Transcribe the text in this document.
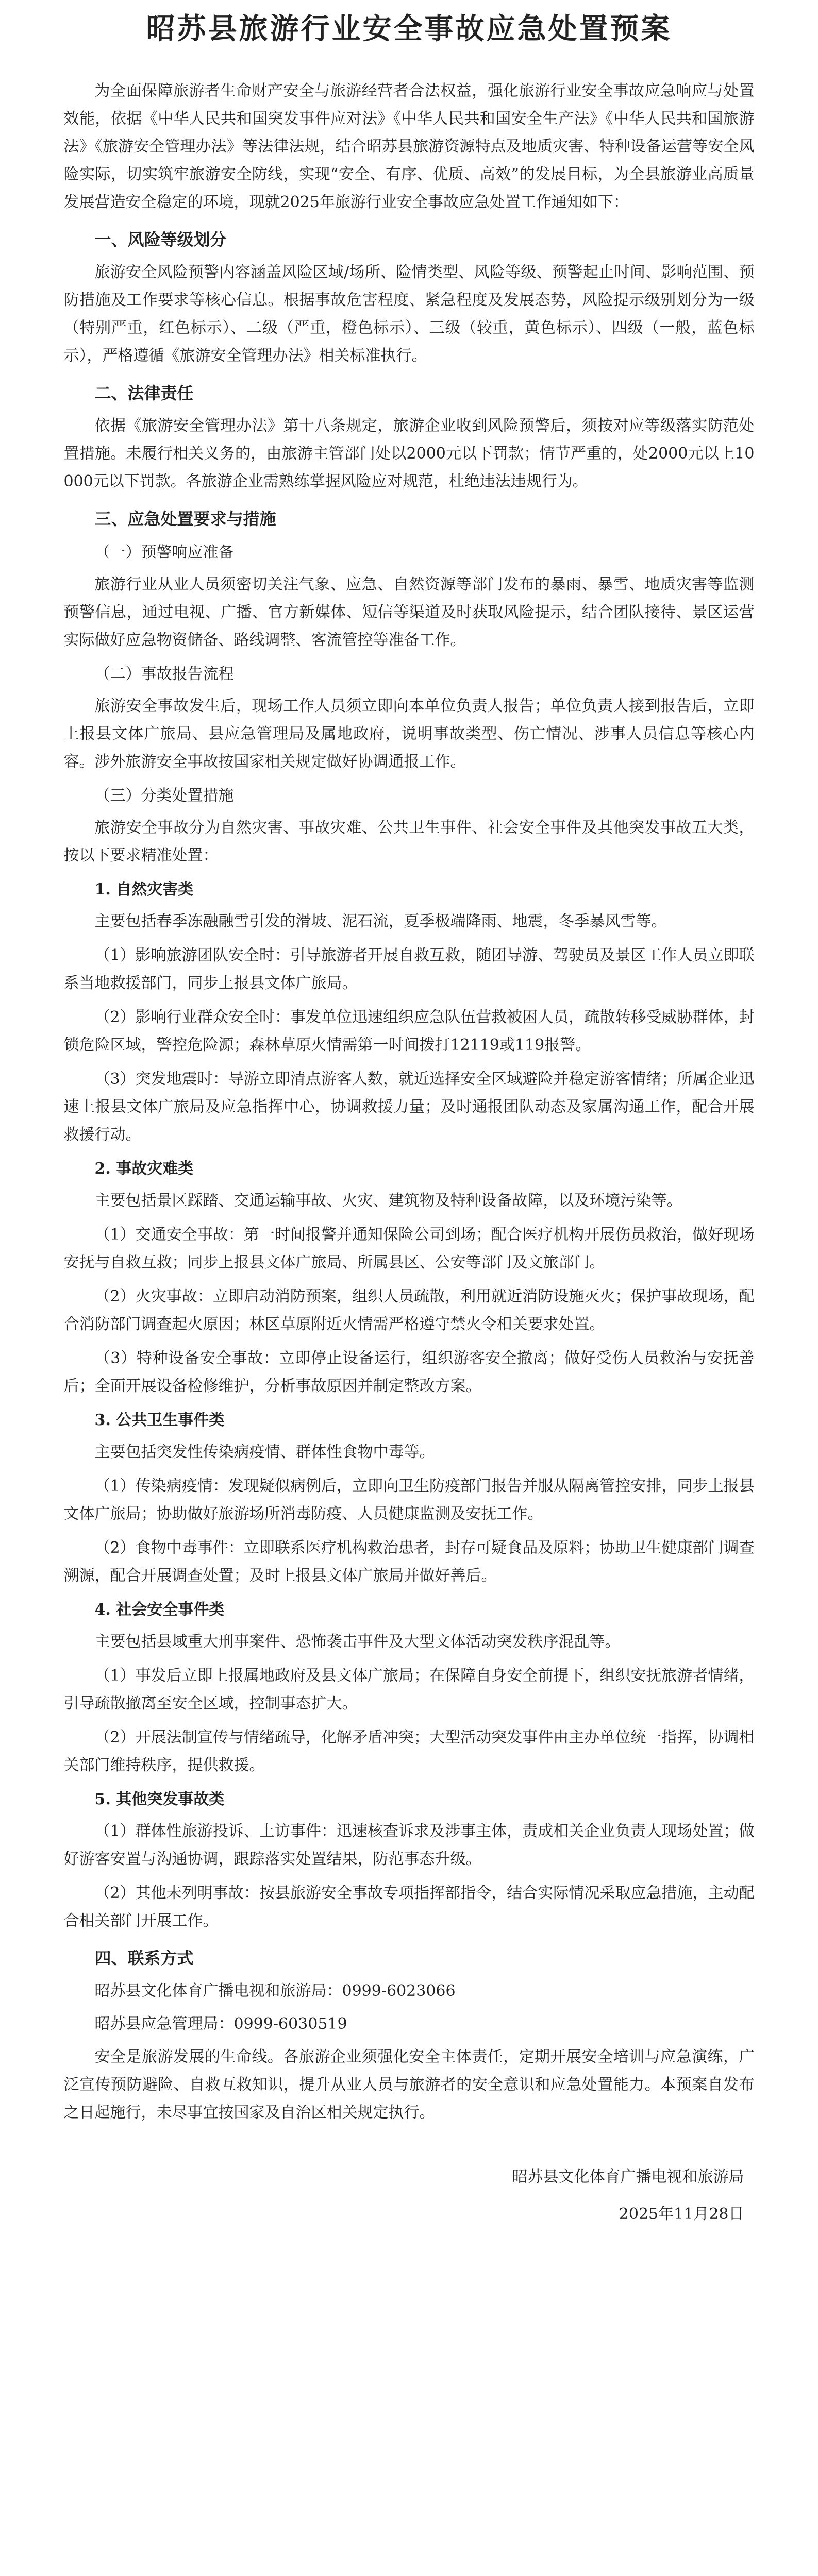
昭苏县旅游行业安全事故应急处置预案

为全面保障旅游者生命财产安全与旅游经营者合法权益，强化旅游行业安全事故应急响应与处置效能，依据《中华人民共和国突发事件应对法》《中华人民共和国安全生产法》《中华人民共和国旅游法》《旅游安全管理办法》等法律法规，结合昭苏县旅游资源特点及地质灾害、特种设备运营等安全风险实际，切实筑牢旅游安全防线，实现“安全、有序、优质、高效”的发展目标，为全县旅游业高质量发展营造安全稳定的环境，现就2025年旅游行业安全事故应急处置工作通知如下：

一、风险等级划分

旅游安全风险预警内容涵盖风险区域/场所、险情类型、风险等级、预警起止时间、影响范围、预防措施及工作要求等核心信息。根据事故危害程度、紧急程度及发展态势，风险提示级别划分为一级（特别严重，红色标示）、二级（严重，橙色标示）、三级（较重，黄色标示）、四级（一般，蓝色标示），严格遵循《旅游安全管理办法》相关标准执行。

二、法律责任

依据《旅游安全管理办法》第十八条规定，旅游企业收到风险预警后，须按对应等级落实防范处置措施。未履行相关义务的，由旅游主管部门处以2000元以下罚款；情节严重的，处2000元以上10000元以下罚款。各旅游企业需熟练掌握风险应对规范，杜绝违法违规行为。

三、应急处置要求与措施
（一）预警响应准备

旅游行业从业人员须密切关注气象、应急、自然资源等部门发布的暴雨、暴雪、地质灾害等监测预警信息，通过电视、广播、官方新媒体、短信等渠道及时获取风险提示，结合团队接待、景区运营实际做好应急物资储备、路线调整、客流管控等准备工作。

（二）事故报告流程

旅游安全事故发生后，现场工作人员须立即向本单位负责人报告；单位负责人接到报告后，立即上报县文体广旅局、县应急管理局及属地政府，说明事故类型、伤亡情况、涉事人员信息等核心内容。涉外旅游安全事故按国家相关规定做好协调通报工作。

（三）分类处置措施

旅游安全事故分为自然灾害、事故灾难、公共卫生事件、社会安全事件及其他突发事故五大类，按以下要求精准处置：

1. 自然灾害类

主要包括春季冻融融雪引发的滑坡、泥石流，夏季极端降雨、地震，冬季暴风雪等。

（1）影响旅游团队安全时：引导旅游者开展自救互救，随团导游、驾驶员及景区工作人员立即联系当地救援部门，同步上报县文体广旅局。

（2）影响行业群众安全时：事发单位迅速组织应急队伍营救被困人员，疏散转移受威胁群体，封锁危险区域，警控危险源；森林草原火情需第一时间拨打12119或119报警。

（3）突发地震时：导游立即清点游客人数，就近选择安全区域避险并稳定游客情绪；所属企业迅速上报县文体广旅局及应急指挥中心，协调救援力量；及时通报团队动态及家属沟通工作，配合开展救援行动。

2. 事故灾难类

主要包括景区踩踏、交通运输事故、火灾、建筑物及特种设备故障，以及环境污染等。

（1）交通安全事故：第一时间报警并通知保险公司到场；配合医疗机构开展伤员救治，做好现场安抚与自救互救；同步上报县文体广旅局、所属县区、公安等部门及文旅部门。

（2）火灾事故：立即启动消防预案，组织人员疏散，利用就近消防设施灭火；保护事故现场，配合消防部门调查起火原因；林区草原附近火情需严格遵守禁火令相关要求处置。

（3）特种设备安全事故：立即停止设备运行，组织游客安全撤离；做好受伤人员救治与安抚善后；全面开展设备检修维护，分析事故原因并制定整改方案。

3. 公共卫生事件类

主要包括突发性传染病疫情、群体性食物中毒等。

（1）传染病疫情：发现疑似病例后，立即向卫生防疫部门报告并服从隔离管控安排，同步上报县文体广旅局；协助做好旅游场所消毒防疫、人员健康监测及安抚工作。

（2）食物中毒事件：立即联系医疗机构救治患者，封存可疑食品及原料；协助卫生健康部门调查溯源，配合开展调查处置；及时上报县文体广旅局并做好善后。

4. 社会安全事件类

主要包括县域重大刑事案件、恐怖袭击事件及大型文体活动突发秩序混乱等。

（1）事发后立即上报属地政府及县文体广旅局；在保障自身安全前提下，组织安抚旅游者情绪，引导疏散撤离至安全区域，控制事态扩大。

（2）开展法制宣传与情绪疏导，化解矛盾冲突；大型活动突发事件由主办单位统一指挥，协调相关部门维持秩序，提供救援。

5. 其他突发事故类

（1）群体性旅游投诉、上访事件：迅速核查诉求及涉事主体，责成相关企业负责人现场处置；做好游客安置与沟通协调，跟踪落实处置结果，防范事态升级。

（2）其他未列明事故：按县旅游安全事故专项指挥部指令，结合实际情况采取应急措施，主动配合相关部门开展工作。

四、联系方式
昭苏县文化体育广播电视和旅游局：0999-6023066
昭苏县应急管理局：0999-6030519

安全是旅游发展的生命线。各旅游企业须强化安全主体责任，定期开展安全培训与应急演练，广泛宣传预防避险、自救互救知识，提升从业人员与旅游者的安全意识和应急处置能力。本预案自发布之日起施行，未尽事宜按国家及自治区相关规定执行。

昭苏县文化体育广播电视和旅游局
2025年11月28日
